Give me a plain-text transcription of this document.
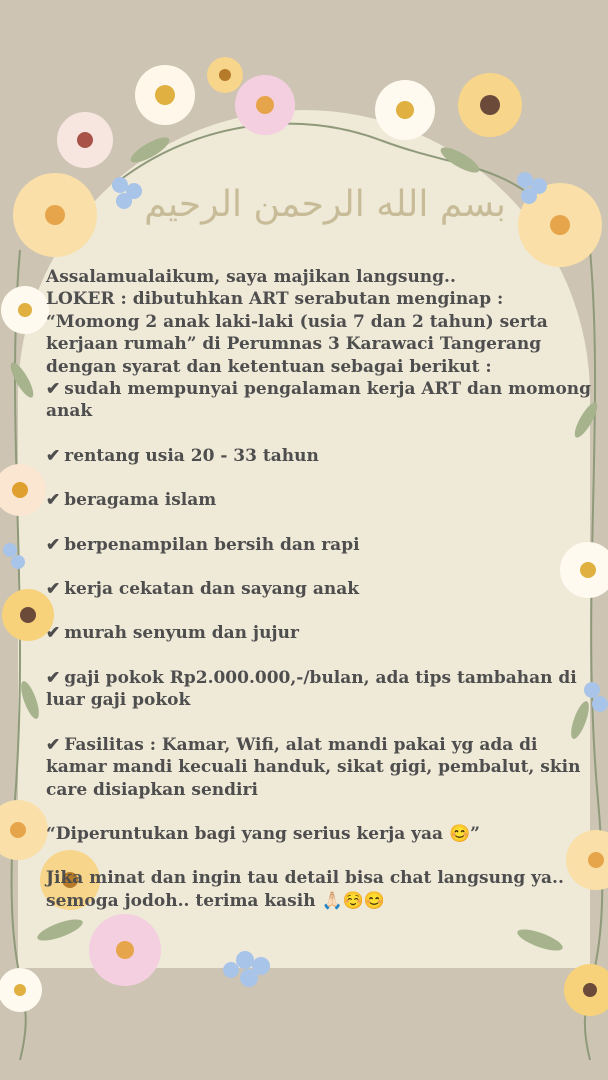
بسم الله الرحمن الرحيم

Assalamualaikum, saya majikan langsung..

LOKER : dibutuhkan ART serabutan menginap :

“Momong 2 anak laki-laki (usia 7 dan 2 tahun) serta kerjaan rumah” di Perumnas 3 Karawaci Tangerang dengan syarat dan ketentuan sebagai berikut :

✔ sudah mempunyai pengalaman kerja ART dan momong anak

✔ rentang usia 20 - 33 tahun

✔ beragama islam

✔ berpenampilan bersih dan rapi

✔ kerja cekatan dan sayang anak

✔ murah senyum dan jujur

✔ gaji pokok Rp2.000.000,-/bulan, ada tips tambahan di luar gaji pokok

✔ Fasilitas : Kamar, Wifi, alat mandi pakai yg ada di kamar mandi kecuali handuk, sikat gigi, pembalut, skin care disiapkan sendiri

“Diperuntukan bagi yang serius kerja yaa 😊”

Jika minat dan ingin tau detail bisa chat langsung ya.. semoga jodoh.. terima kasih 🙏🏻☺️😊
